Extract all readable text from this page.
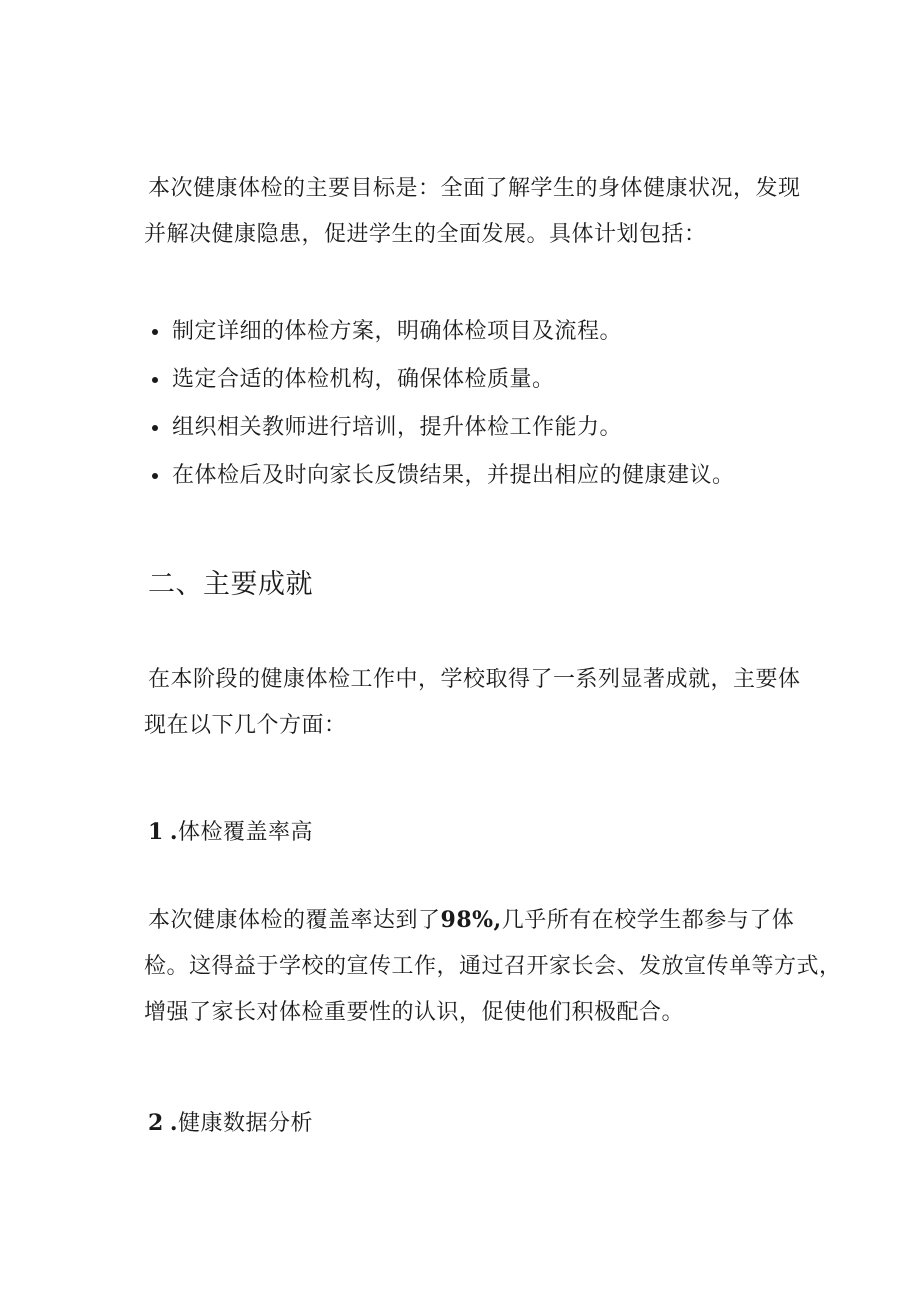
本次健康体检的主要目标是：全面了解学生的身体健康状况，发现
并解决健康隐患，促进学生的全面发展。具体计划包括：

制定详细的体检方案，明确体检项目及流程。
选定合适的体检机构，确保体检质量。
组织相关教师进行培训，提升体检工作能力。
在体检后及时向家长反馈结果，并提出相应的健康建议。
二、主要成就

在本阶段的健康体检工作中，学校取得了一系列显著成就，主要体
现在以下几个方面：

1 .体检覆盖率高

本次健康体检的覆盖率达到了98%,几乎所有在校学生都参与了体
检。这得益于学校的宣传工作，通过召开家长会、发放宣传单等方式，
增强了家长对体检重要性的认识，促使他们积极配合。

2 .健康数据分析
